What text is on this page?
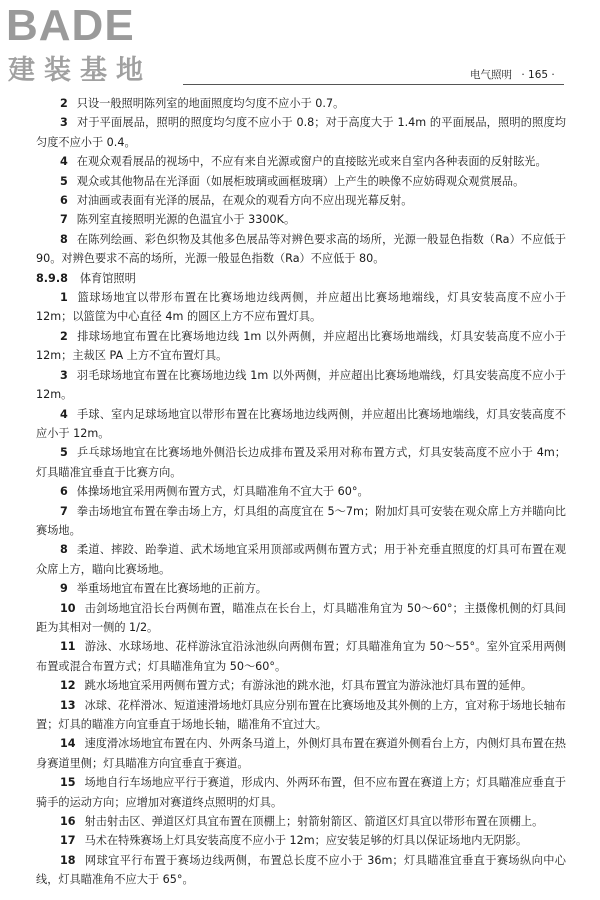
BADE
建装基地	电气照明 · 165 ·

2 只设一般照明陈列室的地面照度均匀度不应小于 0.7。

3 对于平面展品，照明的照度均匀度不应小于 0.8；对于高度大于 1.4m 的平面展品，照明的照度均匀度不应小于 0.4。

4 在观众观看展品的视场中，不应有来自光源或窗户的直接眩光或来自室内各种表面的反射眩光。

5 观众或其他物品在光泽面（如展柜玻璃或画框玻璃）上产生的映像不应妨碍观众观赏展品。

6 对油画或表面有光泽的展品，在观众的观看方向不应出现光幕反射。

7 陈列室直接照明光源的色温宜小于 3300K。

8 在陈列绘画、彩色织物及其他多色展品等对辨色要求高的场所，光源一般显色指数（Ra）不应低于 90。对辨色要求不高的场所，光源一般显色指数（Ra）不应低于 80。

8.9.8 体育馆照明

1 篮球场地宜以带形布置在比赛场地边线两侧，并应超出比赛场地端线，灯具安装高度不应小于 12m；以篮筐为中心直径 4m 的圆区上方不应布置灯具。

2 排球场地宜布置在比赛场地边线 1m 以外两侧，并应超出比赛场地端线，灯具安装高度不应小于 12m；主裁区 PA 上方不宜布置灯具。

3 羽毛球场地宜布置在比赛场地边线 1m 以外两侧，并应超出比赛场地端线，灯具安装高度不应小于 12m。

4 手球、室内足球场地宜以带形布置在比赛场地边线两侧，并应超出比赛场地端线，灯具安装高度不应小于 12m。

5 乒乓球场地宜在比赛场地外侧沿长边成排布置及采用对称布置方式，灯具安装高度不应小于 4m；灯具瞄准宜垂直于比赛方向。

6 体操场地宜采用两侧布置方式，灯具瞄准角不宜大于 60°。

7 拳击场地宜布置在拳击场上方，灯具组的高度宜在 5～7m；附加灯具可安装在观众席上方并瞄向比赛场地。

8 柔道、摔跤、跆拳道、武术场地宜采用顶部或两侧布置方式；用于补充垂直照度的灯具可布置在观众席上方，瞄向比赛场地。

9 举重场地宜布置在比赛场地的正前方。

10 击剑场地宜沿长台两侧布置，瞄准点在长台上，灯具瞄准角宜为 50～60°；主摄像机侧的灯具间距为其相对一侧的 1/2。

11 游泳、水球场地、花样游泳宜沿泳池纵向两侧布置；灯具瞄准角宜为 50～55°。室外宜采用两侧布置或混合布置方式；灯具瞄准角宜为 50～60°。

12 跳水场地宜采用两侧布置方式；有游泳池的跳水池，灯具布置宜为游泳池灯具布置的延伸。

13 冰球、花样滑冰、短道速滑场地灯具应分别布置在比赛场地及其外侧的上方，宜对称于场地长轴布置；灯具的瞄准方向宜垂直于场地长轴，瞄准角不宜过大。

14 速度滑冰场地宜布置在内、外两条马道上，外侧灯具布置在赛道外侧看台上方，内侧灯具布置在热身赛道里侧；灯具瞄准方向宜垂直于赛道。

15 场地自行车场地应平行于赛道，形成内、外两环布置，但不应布置在赛道上方；灯具瞄准应垂直于骑手的运动方向；应增加对赛道终点照明的灯具。

16 射击射击区、弹道区灯具宜布置在顶棚上；射箭射箭区、箭道区灯具宜以带形布置在顶棚上。

17 马术在特殊赛场上灯具安装高度不应小于 12m；应安装足够的灯具以保证场地内无阴影。

18 网球宜平行布置于赛场边线两侧，布置总长度不应小于 36m；灯具瞄准宜垂直于赛场纵向中心线，灯具瞄准角不应大于 65°。
